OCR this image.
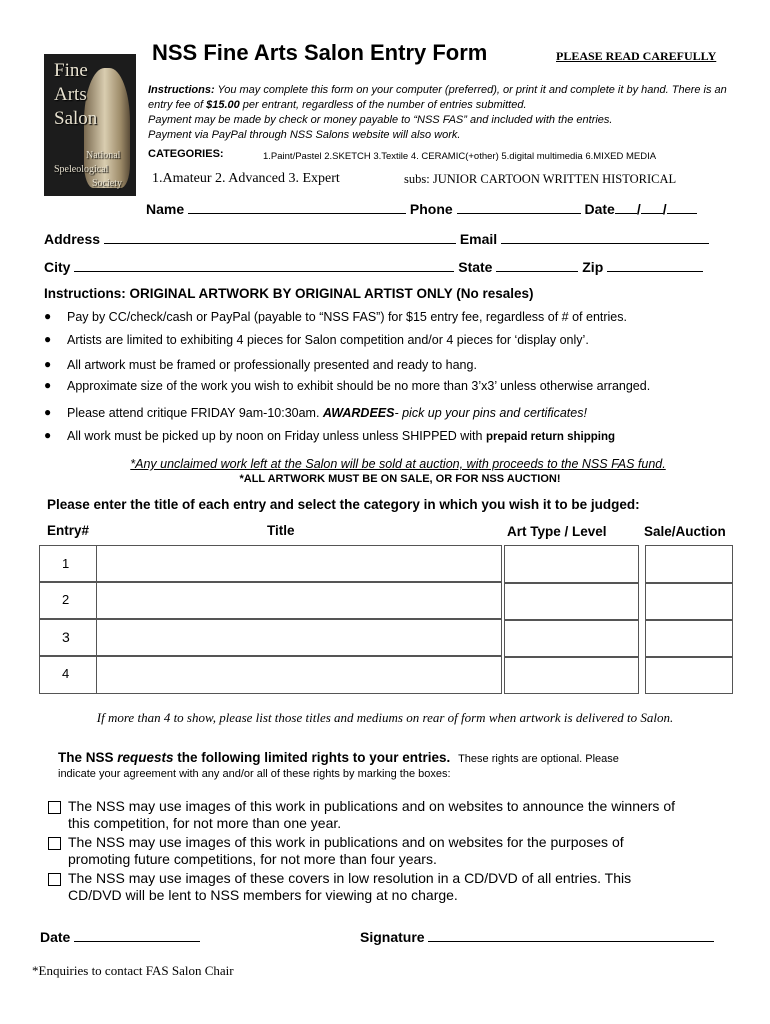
Fine
Arts
Salon
National
Speleological
Society
NSS Fine Arts Salon Entry Form	PLEASE READ CAREFULLY
Instructions: You may complete this form on your computer (preferred), or print it and complete it by hand. There is an entry fee of $15.00 per entrant, regardless of the number of entries submitted.
Payment may be made by check or money payable to “NSS FAS” and included with the entries.
Payment via PayPal through NSS Salons website will also work.
CATEGORIES:	1.Paint/Pastel 2.SKETCH 3.Textile 4. CERAMIC(+other) 5.digital multimedia 6.MIXED MEDIA
1.Amateur 2. Advanced 3. Expert	subs: JUNIOR CARTOON WRITTEN HISTORICAL
Name	Phone	Date / /
Address	Email
City	State	Zip
Instructions: ORIGINAL ARTWORK BY ORIGINAL ARTIST ONLY (No resales)
● Pay by CC/check/cash or PayPal (payable to “NSS FAS”) for $15 entry fee, regardless of # of entries.
● Artists are limited to exhibiting 4 pieces for Salon competition and/or 4 pieces for ‘display only’.
● All artwork must be framed or professionally presented and ready to hang.
● Approximate size of the work you wish to exhibit should be no more than 3’x3’ unless otherwise arranged.
● Please attend critique FRIDAY 9am-10:30am. AWARDEES- pick up your pins and certificates!
● All work must be picked up by noon on Friday unless unless SHIPPED with prepaid return shipping
*Any unclaimed work left at the Salon will be sold at auction, with proceeds to the NSS FAS fund.
*ALL ARTWORK MUST BE ON SALE, OR FOR NSS AUCTION!
Please enter the title of each entry and select the category in which you wish it to be judged:
Entry#	Title	Art Type / Level	Sale/Auction
1
2
3
4
If more than 4 to show, please list those titles and mediums on rear of form when artwork is delivered to Salon.
The NSS requests the following limited rights to your entries. These rights are optional. Please
indicate your agreement with any and/or all of these rights by marking the boxes:
The NSS may use images of this work in publications and on websites to announce the winners of
this competition, for not more than one year.
The NSS may use images of this work in publications and on websites for the purposes of
promoting future competitions, for not more than four years.
The NSS may use images of these covers in low resolution in a CD/DVD of all entries. This
CD/DVD will be lent to NSS members for viewing at no charge.
Date	Signature
*Enquiries to contact FAS Salon Chair
